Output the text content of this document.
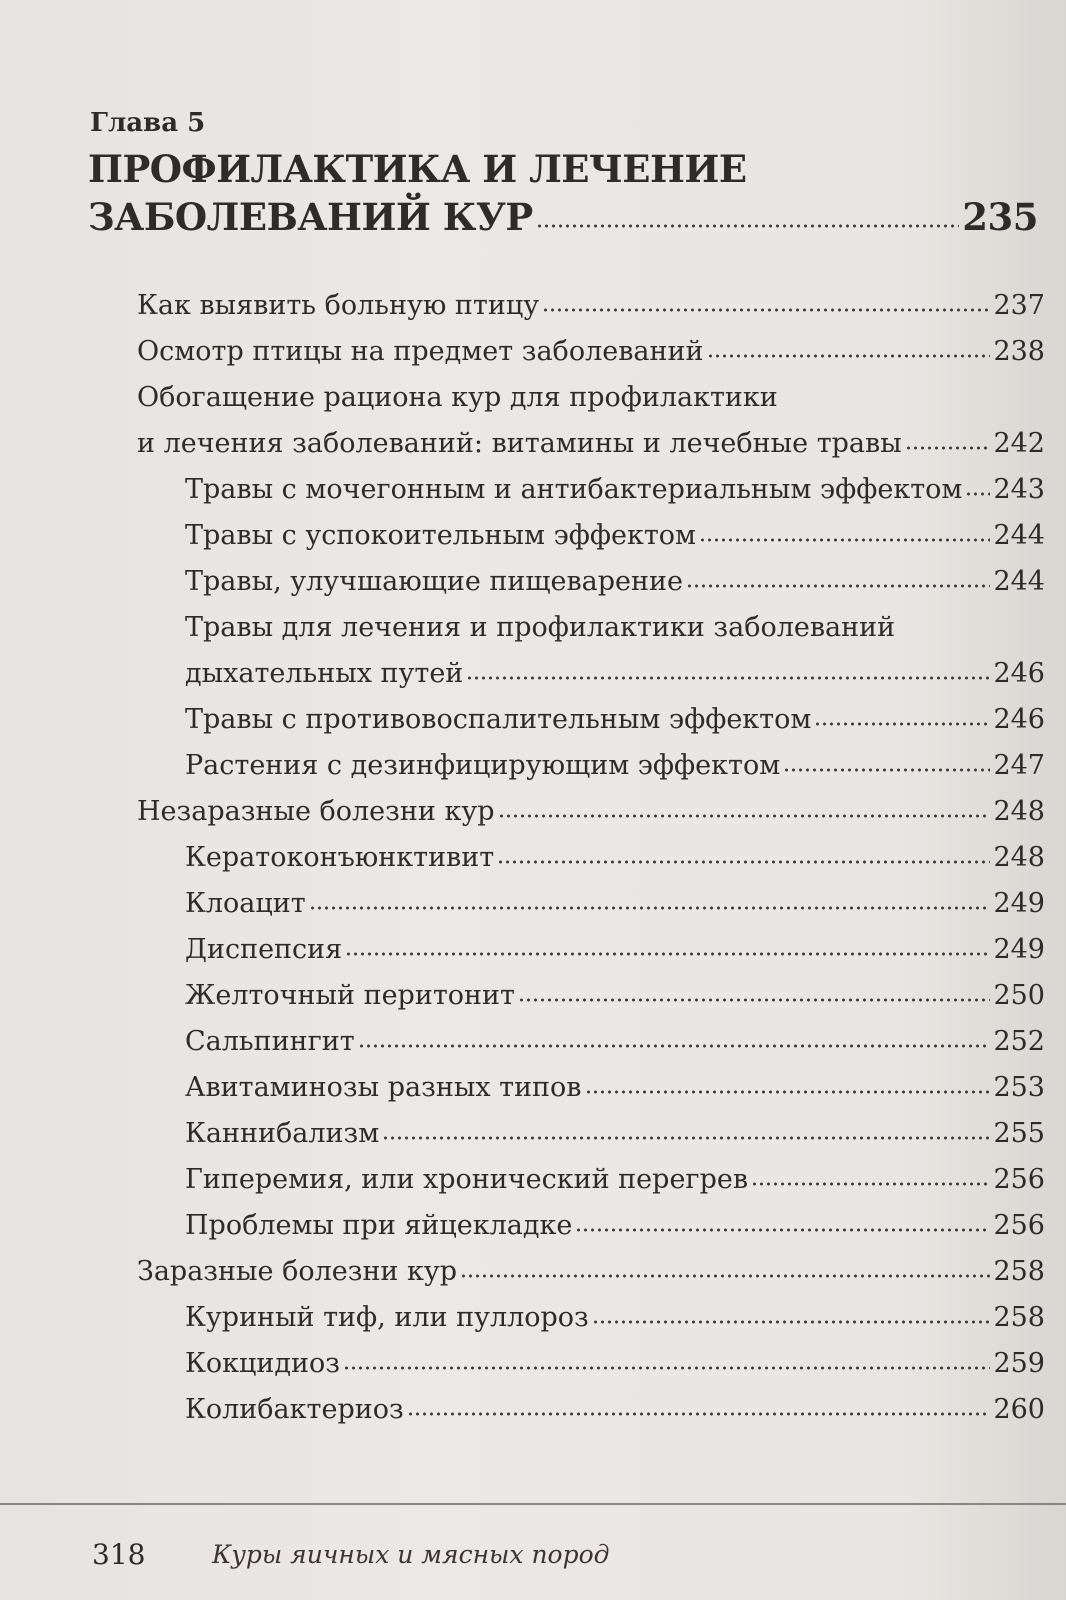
Глава 5
ПРОФИЛАКТИКА И ЛЕЧЕНИЕ
ЗАБОЛЕВАНИЙ КУР	235
Как выявить больную птицу	237
Осмотр птицы на предмет заболеваний	238
Обогащение рациона кур для профилактики
и лечения заболеваний: витамины и лечебные травы	242
Травы с мочегонным и антибактериальным эффектом 243
Травы с успокоительным эффектом	244
Травы, улучшающие пищеварение	244
Травы для лечения и профилактики заболеваний
дыхательных путей	246
Травы с противовоспалительным эффектом	246
Растения с дезинфицирующим эффектом	247
Незаразные болезни кур	248
Кератоконъюнктивит	248
Клоацит	249
Диспепсия	249
Желточный перитонит	250
Сальпингит	252
Авитаминозы разных типов	253
Каннибализм	255
Гиперемия, или хронический перегрев	256
Проблемы при яйцекладке	256
Заразные болезни кур	258
Куриный тиф, или пуллороз	258
Кокцидиоз	259
Колибактериоз	260
318	Куры яичных и мясных пород
